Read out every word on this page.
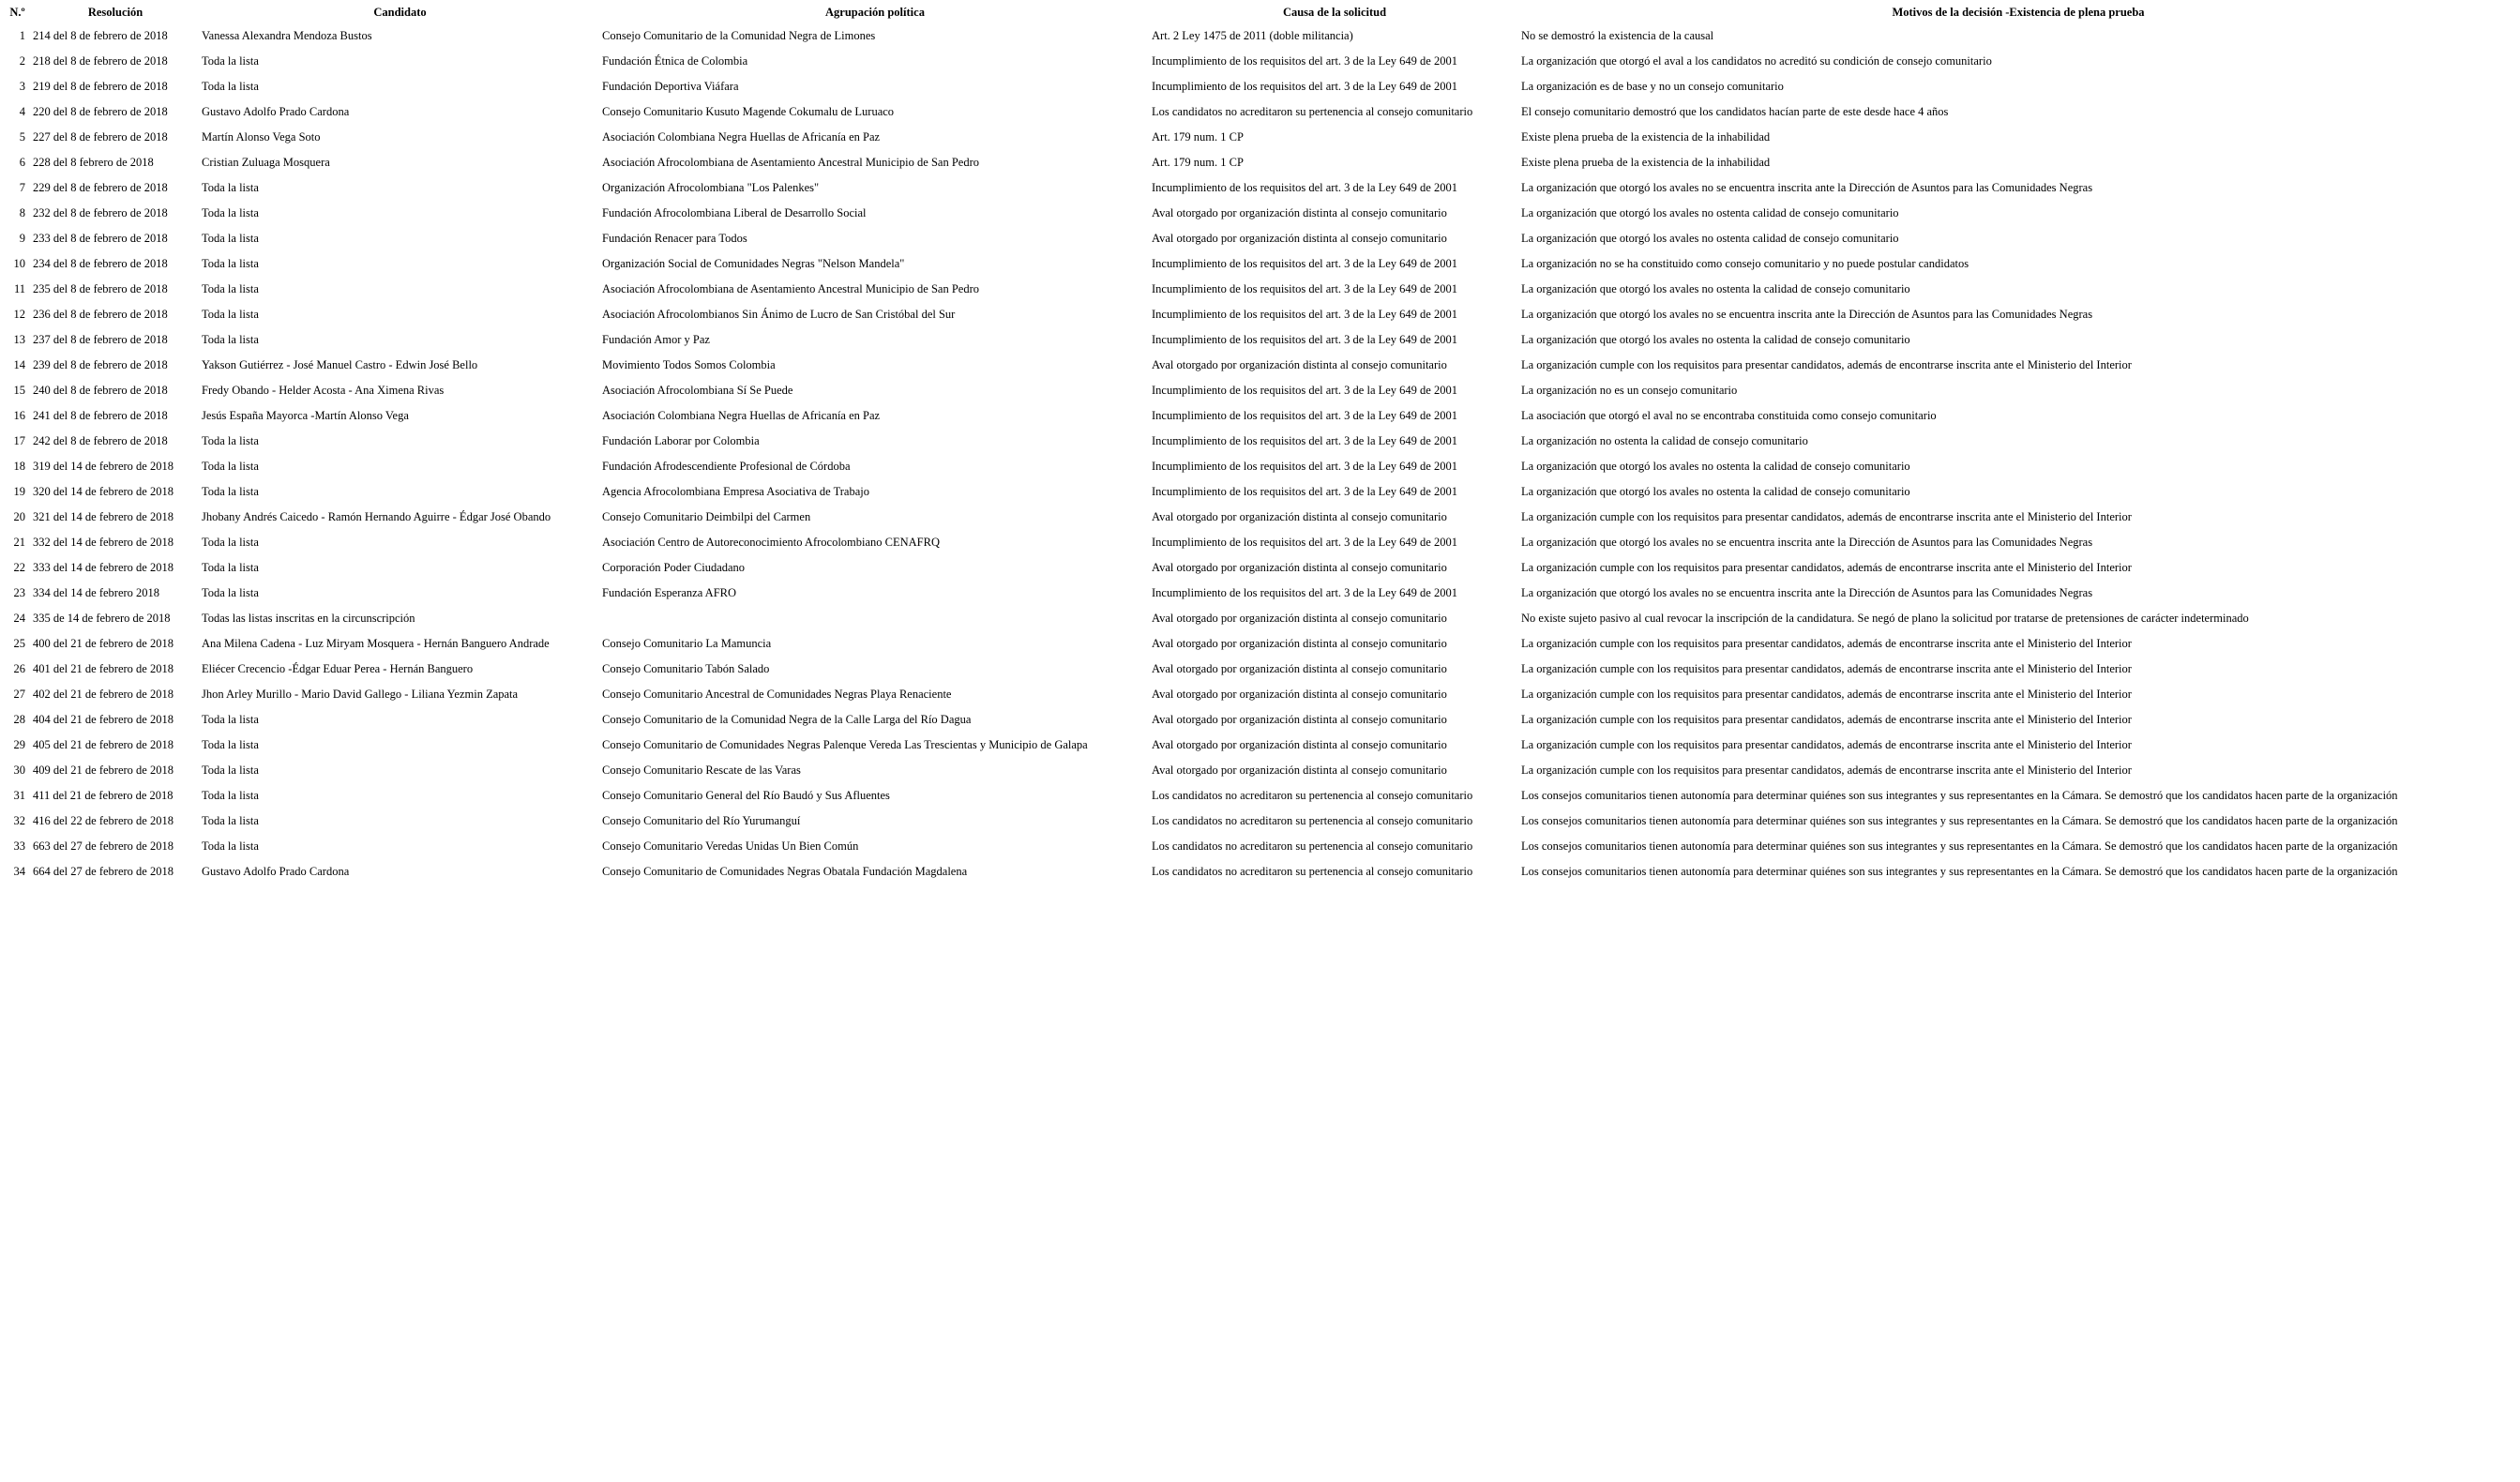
N.º	Resolución	Candidato	Agrupación política	Causa de la solicitud	Motivos de la decisión -Existencia de plena prueba
1	214 del 8 de febrero de 2018	Vanessa Alexandra Mendoza Bustos	Consejo Comunitario de la Comunidad Negra de Limones	Art. 2 Ley 1475 de 2011 (doble militancia)	No se demostró la existencia de la causal
2	218 del 8 de febrero de 2018	Toda la lista	Fundación Étnica de Colombia	Incumplimiento de los requisitos del art. 3 de la Ley 649 de 2001	La organización que otorgó el aval a los candidatos no acreditó su condición de consejo comunitario
3	219 del 8 de febrero de 2018	Toda la lista	Fundación Deportiva Viáfara	Incumplimiento de los requisitos del art. 3 de la Ley 649 de 2001	La organización es de base y no un consejo comunitario
4	220 del 8 de febrero de 2018	Gustavo Adolfo Prado Cardona	Consejo Comunitario Kusuto Magende Cokumalu de Luruaco	Los candidatos no acreditaron su pertenencia al consejo comunitario	El consejo comunitario demostró que los candidatos hacían parte de este desde hace 4 años
5	227 del 8 de febrero de 2018	Martín Alonso Vega Soto	Asociación Colombiana Negra Huellas de Africanía en Paz	Art. 179 num. 1 CP	Existe plena prueba de la existencia de la inhabilidad
6	228 del 8 febrero de 2018	Cristian Zuluaga Mosquera	Asociación Afrocolombiana de Asentamiento Ancestral Municipio de San Pedro	Art. 179 num. 1 CP	Existe plena prueba de la existencia de la inhabilidad
7	229 del 8 de febrero de 2018	Toda la lista	Organización Afrocolombiana "Los Palenkes"	Incumplimiento de los requisitos del art. 3 de la Ley 649 de 2001	La organización que otorgó los avales no se encuentra inscrita ante la Dirección de Asuntos para las Comunidades Negras
8	232 del 8 de febrero de 2018	Toda la lista	Fundación Afrocolombiana Liberal de Desarrollo Social	Aval otorgado por organización distinta al consejo comunitario	La organización que otorgó los avales no ostenta calidad de consejo comunitario
9	233 del 8 de febrero de 2018	Toda la lista	Fundación Renacer para Todos	Aval otorgado por organización distinta al consejo comunitario	La organización que otorgó los avales no ostenta calidad de consejo comunitario
10	234 del 8 de febrero de 2018	Toda la lista	Organización Social de Comunidades Negras "Nelson Mandela"	Incumplimiento de los requisitos del art. 3 de la Ley 649 de 2001	La organización no se ha constituido como consejo comunitario y no puede postular candidatos
11	235 del 8 de febrero de 2018	Toda la lista	Asociación Afrocolombiana de Asentamiento Ancestral Municipio de San Pedro	Incumplimiento de los requisitos del art. 3 de la Ley 649 de 2001	La organización que otorgó los avales no ostenta la calidad de consejo comunitario
12	236 del 8 de febrero de 2018	Toda la lista	Asociación Afrocolombianos Sin Ánimo de Lucro de San Cristóbal del Sur	Incumplimiento de los requisitos del art. 3 de la Ley 649 de 2001	La organización que otorgó los avales no se encuentra inscrita ante la Dirección de Asuntos para las Comunidades Negras
13	237 del 8 de febrero de 2018	Toda la lista	Fundación Amor y Paz	Incumplimiento de los requisitos del art. 3 de la Ley 649 de 2001	La organización que otorgó los avales no ostenta la calidad de consejo comunitario
14	239 del 8 de febrero de 2018	Yakson Gutiérrez - José Manuel Castro - Edwin José Bello	Movimiento Todos Somos Colombia	Aval otorgado por organización distinta al consejo comunitario	La organización cumple con los requisitos para presentar candidatos, además de encontrarse inscrita ante el Ministerio del Interior
15	240 del 8 de febrero de 2018	Fredy Obando - Helder Acosta - Ana Ximena Rivas	Asociación Afrocolombiana Sí Se Puede	Incumplimiento de los requisitos del art. 3 de la Ley 649 de 2001	La organización no es un consejo comunitario
16	241 del 8 de febrero de 2018	Jesús España Mayorca -Martín Alonso Vega	Asociación Colombiana Negra Huellas de Africanía en Paz	Incumplimiento de los requisitos del art. 3 de la Ley 649 de 2001	La asociación que otorgó el aval no se encontraba constituida como consejo comunitario
17	242 del 8 de febrero de 2018	Toda la lista	Fundación Laborar por Colombia	Incumplimiento de los requisitos del art. 3 de la Ley 649 de 2001	La organización no ostenta la calidad de consejo comunitario
18	319 del 14 de febrero de 2018	Toda la lista	Fundación Afrodescendiente Profesional de Córdoba	Incumplimiento de los requisitos del art. 3 de la Ley 649 de 2001	La organización que otorgó los avales no ostenta la calidad de consejo comunitario
19	320 del 14 de febrero de 2018	Toda la lista	Agencia Afrocolombiana Empresa Asociativa de Trabajo	Incumplimiento de los requisitos del art. 3 de la Ley 649 de 2001	La organización que otorgó los avales no ostenta la calidad de consejo comunitario
20	321 del 14 de febrero de 2018	Jhobany Andrés Caicedo - Ramón Hernando Aguirre - Édgar José Obando	Consejo Comunitario Deimbilpi del Carmen	Aval otorgado por organización distinta al consejo comunitario	La organización cumple con los requisitos para presentar candidatos, además de encontrarse inscrita ante el Ministerio del Interior
21	332 del 14 de febrero de 2018	Toda la lista	Asociación Centro de Autoreconocimiento Afrocolombiano CENAFRQ	Incumplimiento de los requisitos del art. 3 de la Ley 649 de 2001	La organización que otorgó los avales no se encuentra inscrita ante la Dirección de Asuntos para las Comunidades Negras
22	333 del 14 de febrero de 2018	Toda la lista	Corporación Poder Ciudadano	Aval otorgado por organización distinta al consejo comunitario	La organización cumple con los requisitos para presentar candidatos, además de encontrarse inscrita ante el Ministerio del Interior
23	334 del 14 de febrero 2018	Toda la lista	Fundación Esperanza AFRO	Incumplimiento de los requisitos del art. 3 de la Ley 649 de 2001	La organización que otorgó los avales no se encuentra inscrita ante la Dirección de Asuntos para las Comunidades Negras
24	335 de 14 de febrero de 2018	Todas las listas inscritas en la circunscripción		Aval otorgado por organización distinta al consejo comunitario	No existe sujeto pasivo al cual revocar la inscripción de la candidatura. Se negó de plano la solicitud por tratarse de pretensiones de carácter indeterminado
25	400 del 21 de febrero de 2018	Ana Milena Cadena - Luz Miryam Mosquera - Hernán Banguero Andrade	Consejo Comunitario La Mamuncia	Aval otorgado por organización distinta al consejo comunitario	La organización cumple con los requisitos para presentar candidatos, además de encontrarse inscrita ante el Ministerio del Interior
26	401 del 21 de febrero de 2018	Eliécer Crecencio -Édgar Eduar Perea - Hernán Banguero	Consejo Comunitario Tabón Salado	Aval otorgado por organización distinta al consejo comunitario	La organización cumple con los requisitos para presentar candidatos, además de encontrarse inscrita ante el Ministerio del Interior
27	402 del 21 de febrero de 2018	Jhon Arley Murillo - Mario David Gallego - Liliana Yezmin Zapata	Consejo Comunitario Ancestral de Comunidades Negras Playa Renaciente	Aval otorgado por organización distinta al consejo comunitario	La organización cumple con los requisitos para presentar candidatos, además de encontrarse inscrita ante el Ministerio del Interior
28	404 del 21 de febrero de 2018	Toda la lista	Consejo Comunitario de la Comunidad Negra de la Calle Larga del Río Dagua	Aval otorgado por organización distinta al consejo comunitario	La organización cumple con los requisitos para presentar candidatos, además de encontrarse inscrita ante el Ministerio del Interior
29	405 del 21 de febrero de 2018	Toda la lista	Consejo Comunitario de Comunidades Negras Palenque Vereda Las Trescientas y Municipio de Galapa	Aval otorgado por organización distinta al consejo comunitario	La organización cumple con los requisitos para presentar candidatos, además de encontrarse inscrita ante el Ministerio del Interior
30	409 del 21 de febrero de 2018	Toda la lista	Consejo Comunitario Rescate de las Varas	Aval otorgado por organización distinta al consejo comunitario	La organización cumple con los requisitos para presentar candidatos, además de encontrarse inscrita ante el Ministerio del Interior
31	411 del 21 de febrero de 2018	Toda la lista	Consejo Comunitario General del Río Baudó y Sus Afluentes	Los candidatos no acreditaron su pertenencia al consejo comunitario	Los consejos comunitarios tienen autonomía para determinar quiénes son sus integrantes y sus representantes en la Cámara. Se demostró que los candidatos hacen parte de la organización
32	416 del 22 de febrero de 2018	Toda la lista	Consejo Comunitario del Río Yurumanguí	Los candidatos no acreditaron su pertenencia al consejo comunitario	Los consejos comunitarios tienen autonomía para determinar quiénes son sus integrantes y sus representantes en la Cámara. Se demostró que los candidatos hacen parte de la organización
33	663 del 27 de febrero de 2018	Toda la lista	Consejo Comunitario Veredas Unidas Un Bien Común	Los candidatos no acreditaron su pertenencia al consejo comunitario	Los consejos comunitarios tienen autonomía para determinar quiénes son sus integrantes y sus representantes en la Cámara. Se demostró que los candidatos hacen parte de la organización
34	664 del 27 de febrero de 2018	Gustavo Adolfo Prado Cardona	Consejo Comunitario de Comunidades Negras Obatala Fundación Magdalena	Los candidatos no acreditaron su pertenencia al consejo comunitario	Los consejos comunitarios tienen autonomía para determinar quiénes son sus integrantes y sus representantes en la Cámara. Se demostró que los candidatos hacen parte de la organización
